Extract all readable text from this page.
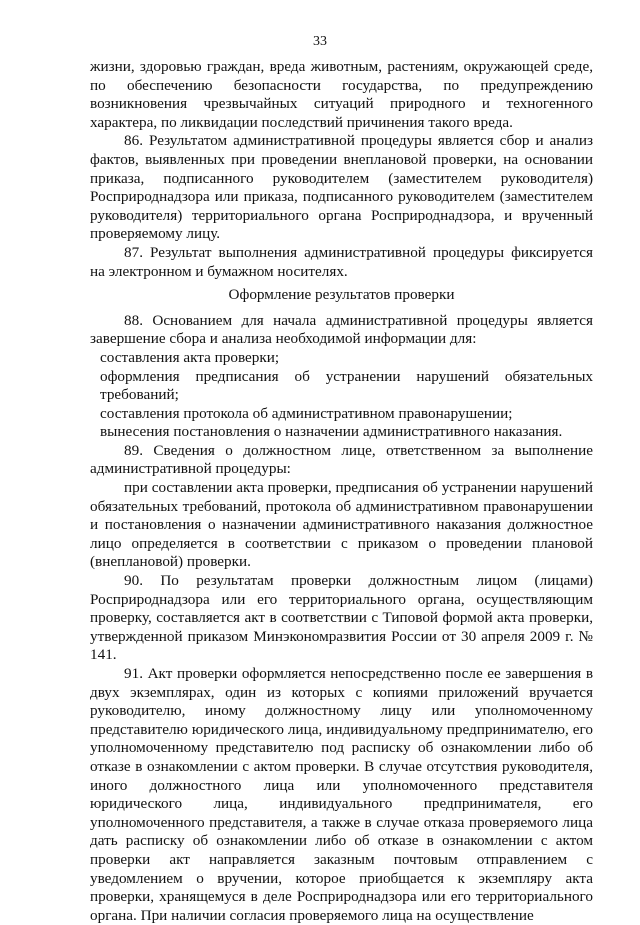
33

жизни, здоровью граждан, вреда животным, растениям, окружающей среде, по обеспечению безопасности государства, по предупреждению возникновения чрезвычайных ситуаций природного и техногенного характера, по ликвидации последствий причинения такого вреда.

86. Результатом административной процедуры является сбор и анализ фактов, выявленных при проведении внеплановой проверки, на основании приказа, подписанного руководителем (заместителем руководителя) Росприроднадзора или приказа, подписанного руководителем (заместителем руководителя) территориального органа Росприроднадзора, и врученный проверяемому лицу.

87. Результат выполнения административной процедуры фиксируется на электронном и бумажном носителях.

Оформление результатов проверки

88. Основанием для начала административной процедуры является завершение сбора и анализа необходимой информации для:

составления акта проверки;

оформления предписания об устранении нарушений обязательных требований;

составления протокола об административном правонарушении;

вынесения постановления о назначении административного наказания.

89. Сведения о должностном лице, ответственном за выполнение административной процедуры:

при составлении акта проверки, предписания об устранении нарушений обязательных требований, протокола об административном правонарушении и постановления о назначении административного наказания должностное лицо определяется в соответствии с приказом о проведении плановой (внеплановой) проверки.

90. По результатам проверки должностным лицом (лицами) Росприроднадзора или его территориального органа, осуществляющим проверку, составляется акт в соответствии с Типовой формой акта проверки, утвержденной приказом Минэкономразвития России от 30 апреля 2009 г. № 141.

91. Акт проверки оформляется непосредственно после ее завершения в двух экземплярах, один из которых с копиями приложений вручается руководителю, иному должностному лицу или уполномоченному представителю юридического лица, индивидуальному предпринимателю, его уполномоченному представителю под расписку об ознакомлении либо об отказе в ознакомлении с актом проверки. В случае отсутствия руководителя, иного должностного лица или уполномоченного представителя юридического лица, индивидуального предпринимателя, его уполномоченного представителя, а также в случае отказа проверяемого лица дать расписку об ознакомлении либо об отказе в ознакомлении с актом проверки акт направляется заказным почтовым отправлением с уведомлением о вручении, которое приобщается к экземпляру акта проверки, хранящемуся в деле Росприроднадзора или его территориального органа. При наличии согласия проверяемого лица на осуществление
